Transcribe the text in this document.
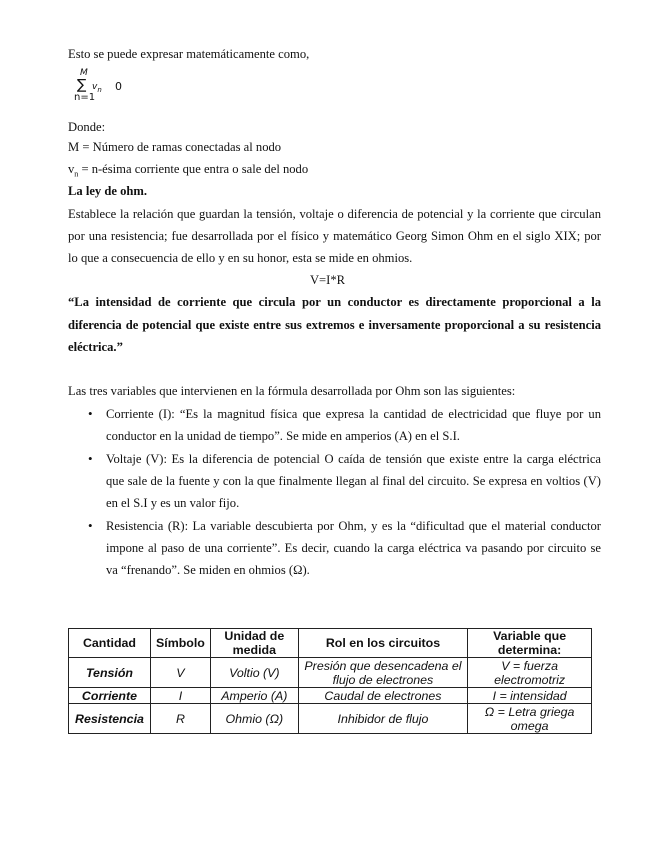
Esto se puede expresar matemáticamente como,
M
∑ $v_n$
n=1
0
Donde:
M = Número de ramas conectadas al nodo
$v_n$ = n-ésima corriente que entra o sale del nodo
La ley de ohm.
Establece la relación que guardan la tensión, voltaje o diferencia de potencial y la corriente que circulan
por una resistencia; fue desarrollada por el físico y matemático Georg Simon Ohm en el siglo XIX; por
lo que a consecuencia de ello y en su honor, esta se mide en ohmios.
V=I*R
“La intensidad de corriente que circula por un conductor es directamente proporcional a la
diferencia de potencial que existe entre sus extremos e inversamente proporcional a su resistencia
eléctrica.”
Las tres variables que intervienen en la fórmula desarrollada por Ohm son las siguientes:
• Corriente (I): “Es la magnitud física que expresa la cantidad de electricidad que fluye por un
conductor en la unidad de tiempo”. Se mide en amperios (A) en el S.I.
• Voltaje (V): Es la diferencia de potencial O caída de tensión que existe entre la carga eléctrica
que sale de la fuente y con la que finalmente llegan al final del circuito. Se expresa en voltios (V)
en el S.I y es un valor fijo.
• Resistencia (R): La variable descubierta por Ohm, y es la “dificultad que el material conductor
impone al paso de una corriente”. Es decir, cuando la carga eléctrica va pasando por circuito se
va “frenando”. Se miden en ohmios (Ω).
Cantidad	Símbolo	Unidad de medida	Rol en los circuitos	Variable que determina:
Tensión	V	Voltio (V)	Presión que desencadena el flujo de electrones	V = fuerza electromotriz
Corriente	I	Amperio (A)	Caudal de electrones	I = intensidad
Resistencia	R	Ohmio (Ω)	Inhibidor de flujo	Ω = Letra griega omega
